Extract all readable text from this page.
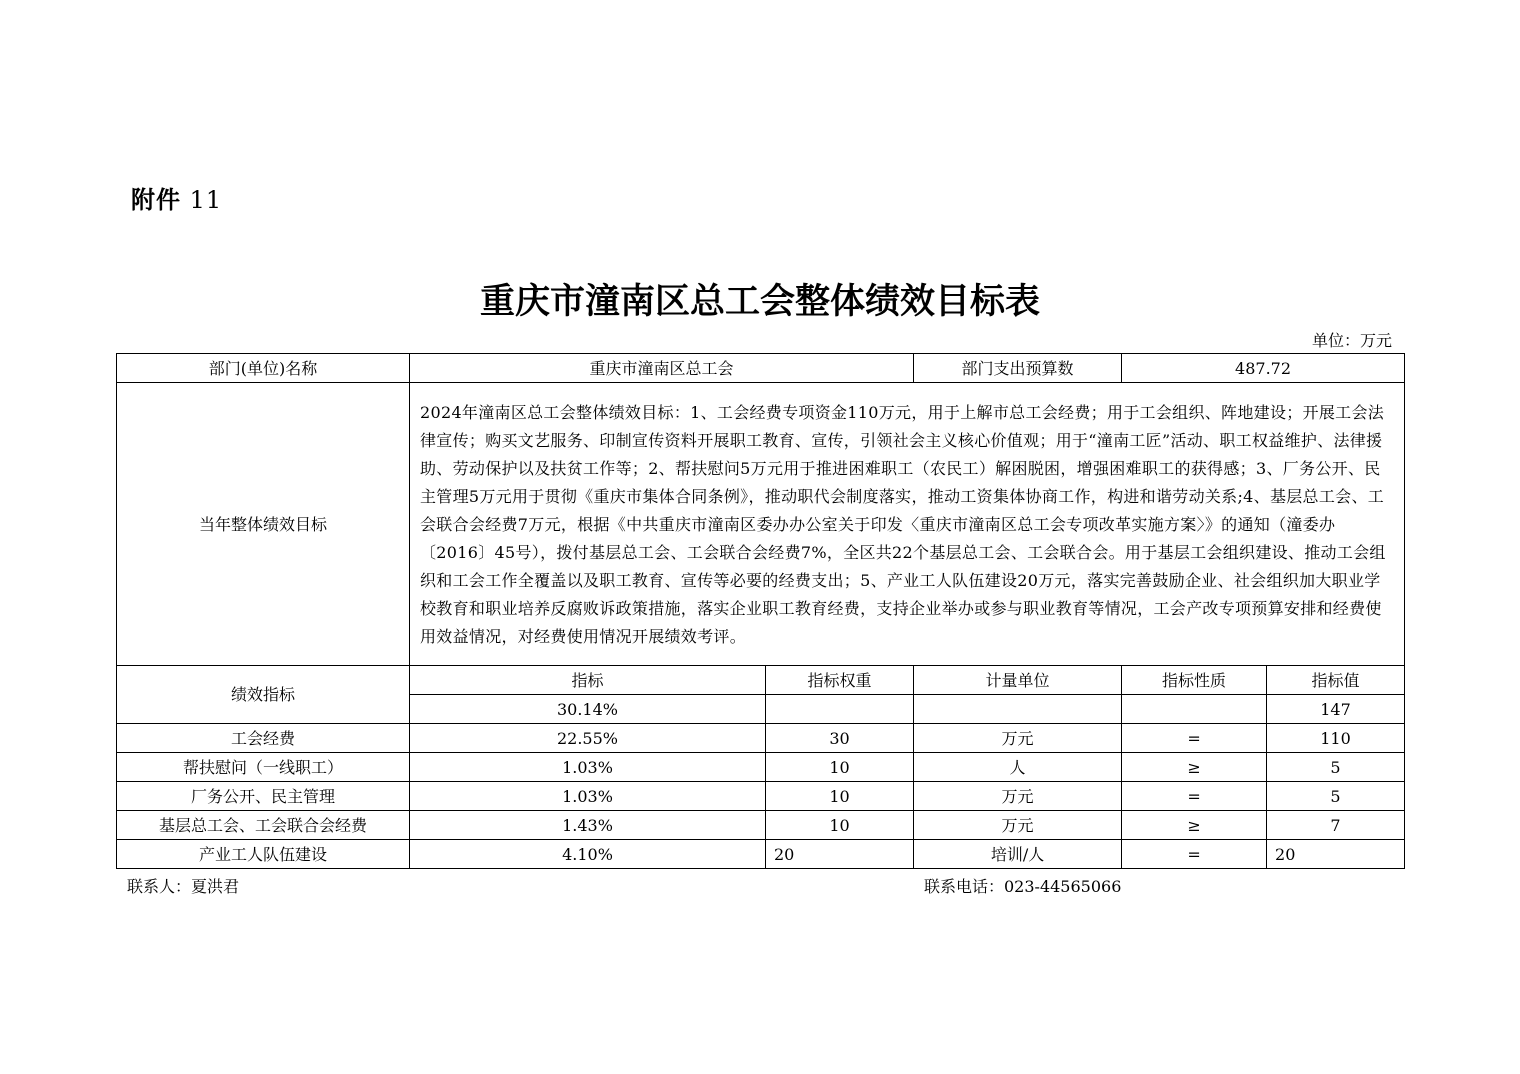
附件 11
重庆市潼南区总工会整体绩效目标表
单位：万元
部门(单位)名称	重庆市潼南区总工会		部门支出预算数	487.72	
当年整体绩效目标	2024年潼南区总工会整体绩效目标：1、工会经费专项资金110万元，用于上解市总工会经费；用于工会组织、阵地建设；开展工会法律宣传；购买文艺服务、印制宣传资料开展职工教育、宣传，引领社会主义核心价值观；用于“潼南工匠”活动、职工权益维护、法律援助、劳动保护以及扶贫工作等；2、帮扶慰问5万元用于推进困难职工（农民工）解困脱困，增强困难职工的获得感；3、厂务公开、民主管理5万元用于贯彻《重庆市集体合同条例》，推动职代会制度落实，推动工资集体协商工作，构进和谐劳动关系;4、基层总工会、工会联合会经费7万元，根据《中共重庆市潼南区委办办公室关于印发〈重庆市潼南区总工会专项改革实施方案〉》的通知（潼委办〔2016〕45号），拨付基层总工会、工会联合会经费7%，全区共22个基层总工会、工会联合会。用于基层工会组织建设、推动工会组织和工会工作全覆盖以及职工教育、宣传等必要的经费支出；5、产业工人队伍建设20万元，落实完善鼓励企业、社会组织加大职业学校教育和职业培养反腐败诉政策措施，落实企业职工教育经费，支持企业举办或参与职业教育等情况，工会产改专项预算安排和经费使用效益情况，对经费使用情况开展绩效考评。				
绩效指标	指标	指标权重	计量单位	指标性质	指标值
	30.14%				147
工会经费	22.55%	30	万元	=	110
帮扶慰问（一线职工）	1.03%	10	人	≥	5
厂务公开、民主管理	1.03%	10	万元	=	5
基层总工会、工会联合会经费	1.43%	10	万元	≥	7
产业工人队伍建设	4.10%	20	培训/人	=	20
联系人：夏洪君	联系电话：023-44565066
